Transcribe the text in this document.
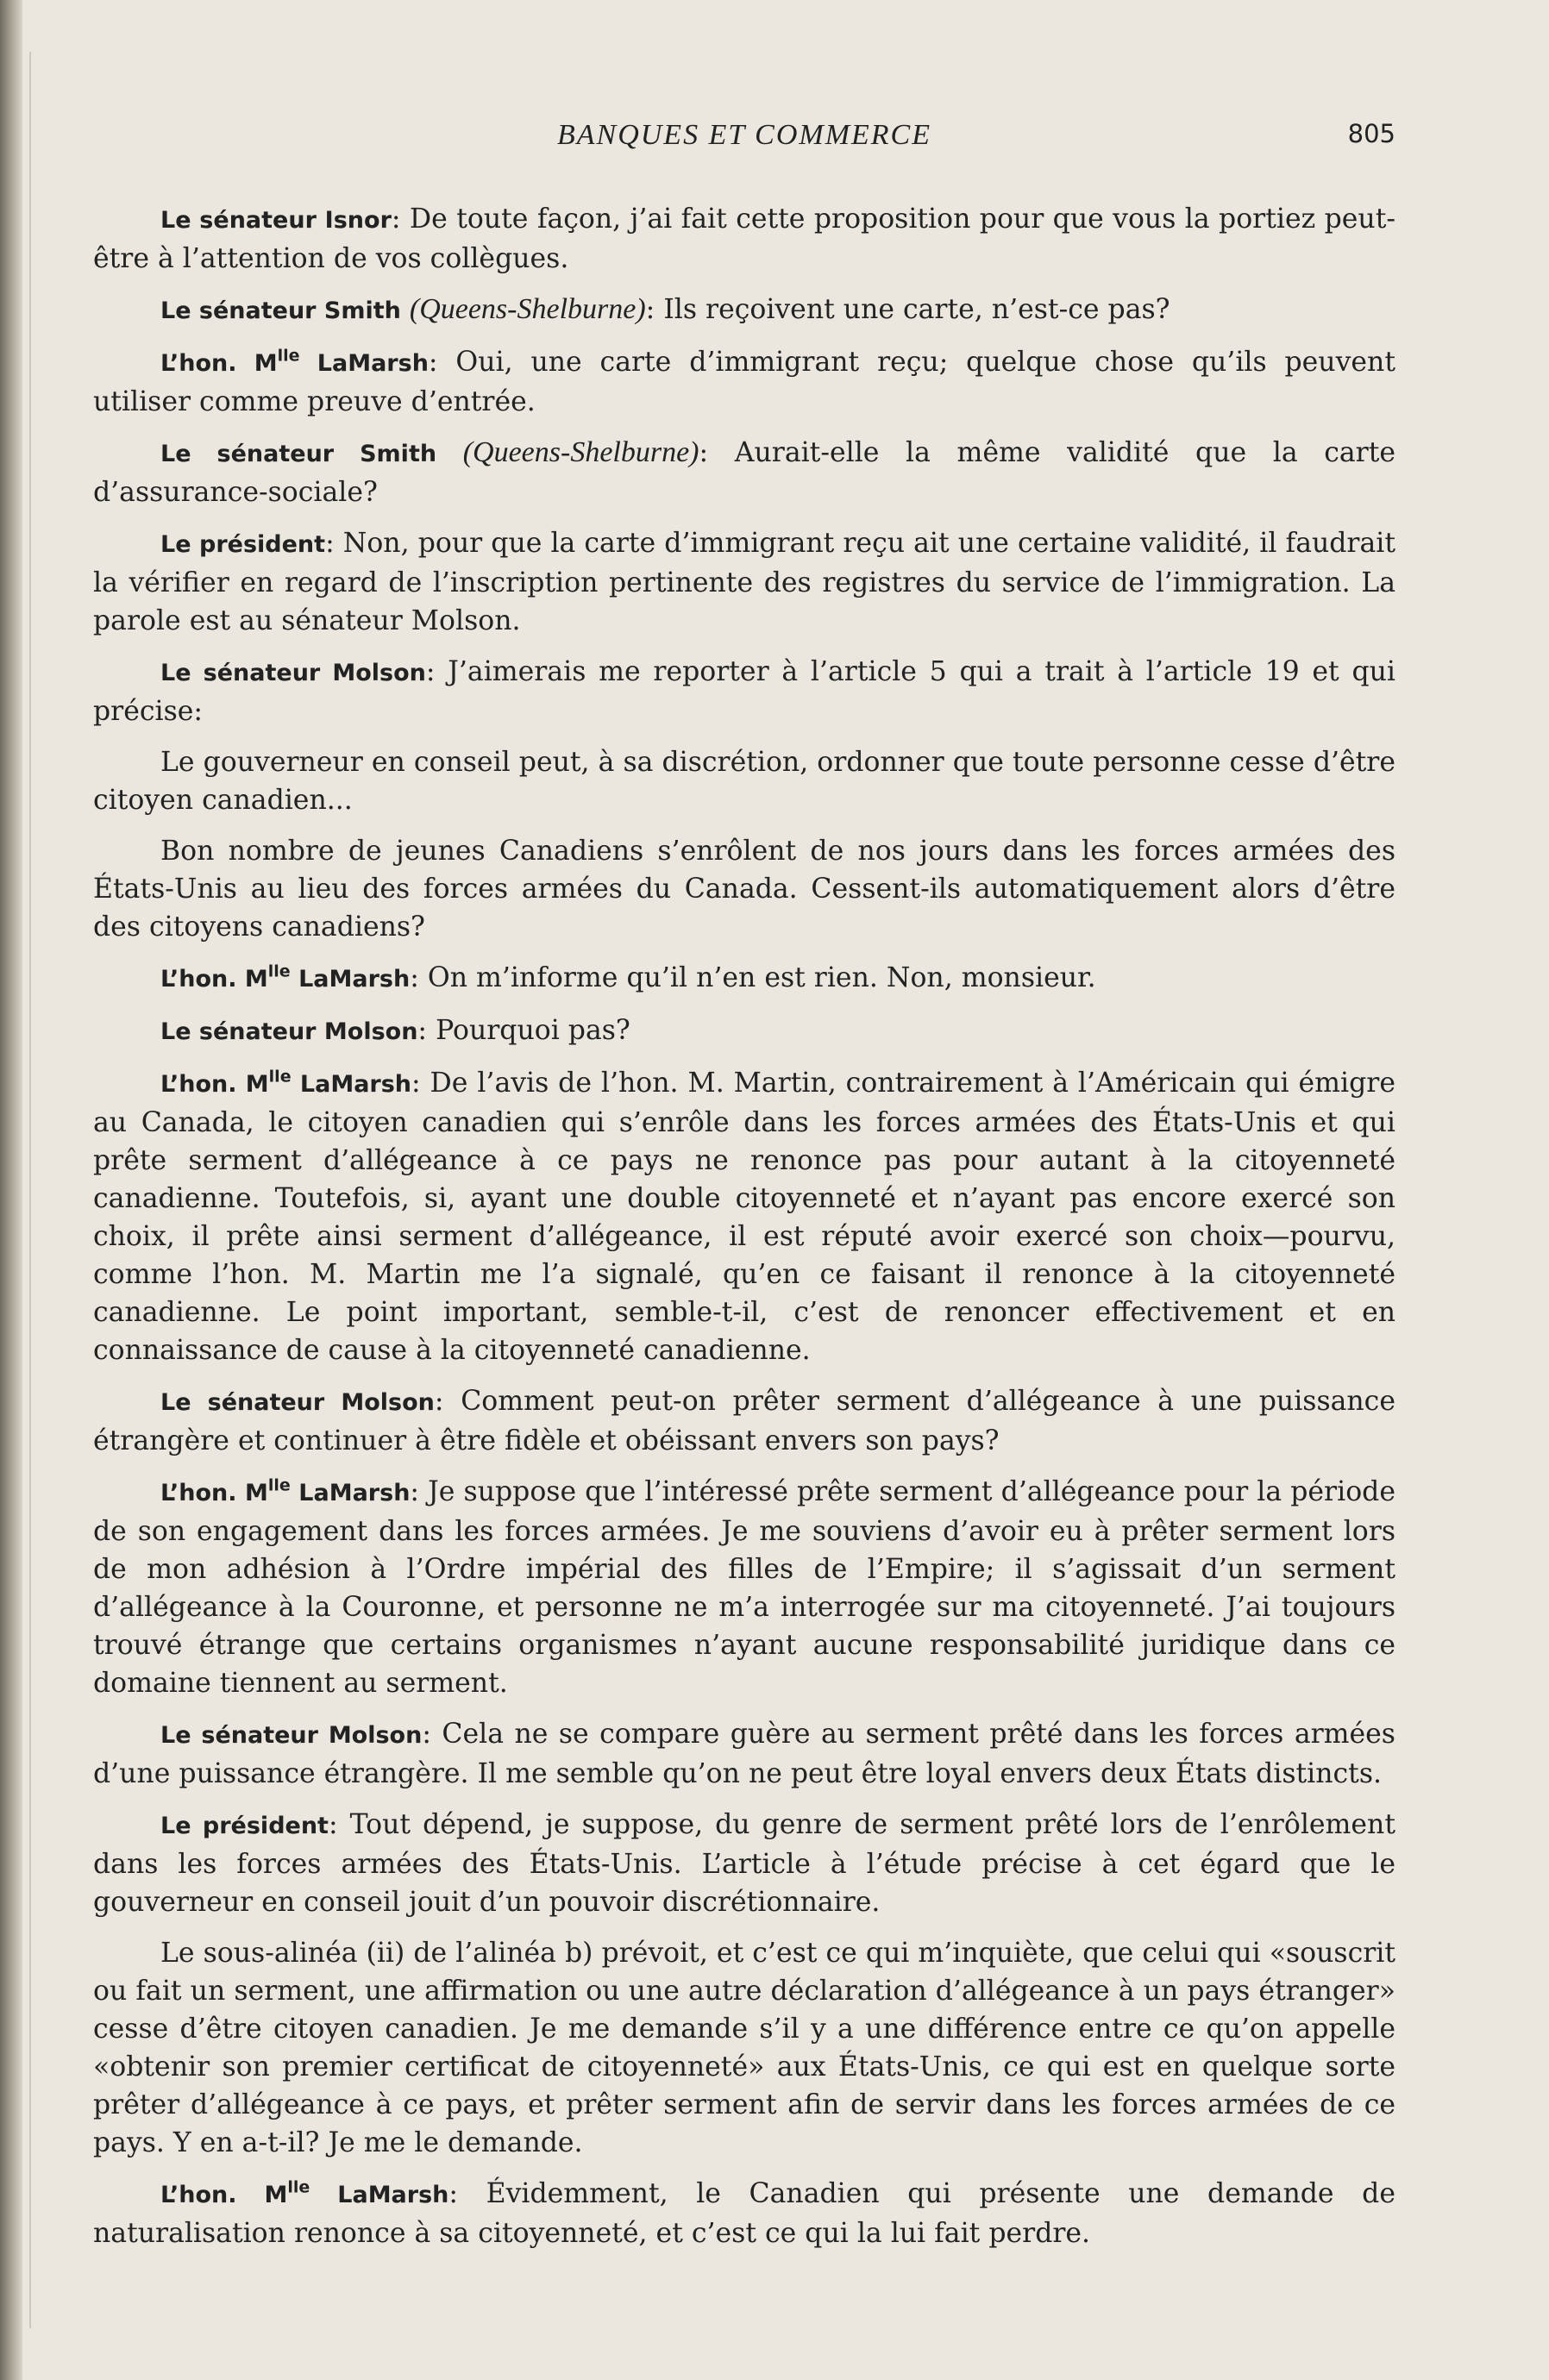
BANQUES ET COMMERCE	805

Le sénateur Isnor: De toute façon, j’ai fait cette proposition pour que vous la portiez peut-être à l’attention de vos collègues.

Le sénateur Smith (Queens-Shelburne): Ils reçoivent une carte, n’est-ce pas?

L’hon. $M^{lle}$ LaMarsh: Oui, une carte d’immigrant reçu; quelque chose qu’ils peuvent utiliser comme preuve d’entrée.

Le sénateur Smith (Queens-Shelburne): Aurait-elle la même validité que la carte d’assurance-sociale?

Le président: Non, pour que la carte d’immigrant reçu ait une certaine validité, il faudrait la vérifier en regard de l’inscription pertinente des registres du service de l’immigration. La parole est au sénateur Molson.

Le sénateur Molson: J’aimerais me reporter à l’article 5 qui a trait à l’article 19 et qui précise:

Le gouverneur en conseil peut, à sa discrétion, ordonner que toute personne cesse d’être citoyen canadien...

Bon nombre de jeunes Canadiens s’enrôlent de nos jours dans les forces armées des États-Unis au lieu des forces armées du Canada. Cessent-ils automatiquement alors d’être des citoyens canadiens?

L’hon. $M^{lle}$ LaMarsh: On m’informe qu’il n’en est rien. Non, monsieur.

Le sénateur Molson: Pourquoi pas?

L’hon. $M^{lle}$ LaMarsh: De l’avis de l’hon. M. Martin, contrairement à l’Américain qui émigre au Canada, le citoyen canadien qui s’enrôle dans les forces armées des États-Unis et qui prête serment d’allégeance à ce pays ne renonce pas pour autant à la citoyenneté canadienne. Toutefois, si, ayant une double citoyenneté et n’ayant pas encore exercé son choix, il prête ainsi serment d’allégeance, il est réputé avoir exercé son choix—pourvu, comme l’hon. M. Martin me l’a signalé, qu’en ce faisant il renonce à la citoyenneté canadienne. Le point important, semble-t-il, c’est de renoncer effectivement et en connaissance de cause à la citoyenneté canadienne.

Le sénateur Molson: Comment peut-on prêter serment d’allégeance à une puissance étrangère et continuer à être fidèle et obéissant envers son pays?

L’hon. $M^{lle}$ LaMarsh: Je suppose que l’intéressé prête serment d’allégeance pour la période de son engagement dans les forces armées. Je me souviens d’avoir eu à prêter serment lors de mon adhésion à l’Ordre impérial des filles de l’Empire; il s’agissait d’un serment d’allégeance à la Couronne, et personne ne m’a interrogée sur ma citoyenneté. J’ai toujours trouvé étrange que certains organismes n’ayant aucune responsabilité juridique dans ce domaine tiennent au serment.

Le sénateur Molson: Cela ne se compare guère au serment prêté dans les forces armées d’une puissance étrangère. Il me semble qu’on ne peut être loyal envers deux États distincts.

Le président: Tout dépend, je suppose, du genre de serment prêté lors de l’enrôlement dans les forces armées des États-Unis. L’article à l’étude précise à cet égard que le gouverneur en conseil jouit d’un pouvoir discrétionnaire.

Le sous-alinéa (ii) de l’alinéa b) prévoit, et c’est ce qui m’inquiète, que celui qui «souscrit ou fait un serment, une affirmation ou une autre déclaration d’allégeance à un pays étranger» cesse d’être citoyen canadien. Je me demande s’il y a une différence entre ce qu’on appelle «obtenir son premier certificat de citoyenneté» aux États-Unis, ce qui est en quelque sorte prêter d’allégeance à ce pays, et prêter serment afin de servir dans les forces armées de ce pays. Y en a-t-il? Je me le demande.

L’hon. $M^{lle}$ LaMarsh: Évidemment, le Canadien qui présente une demande de naturalisation renonce à sa citoyenneté, et c’est ce qui la lui fait perdre.
